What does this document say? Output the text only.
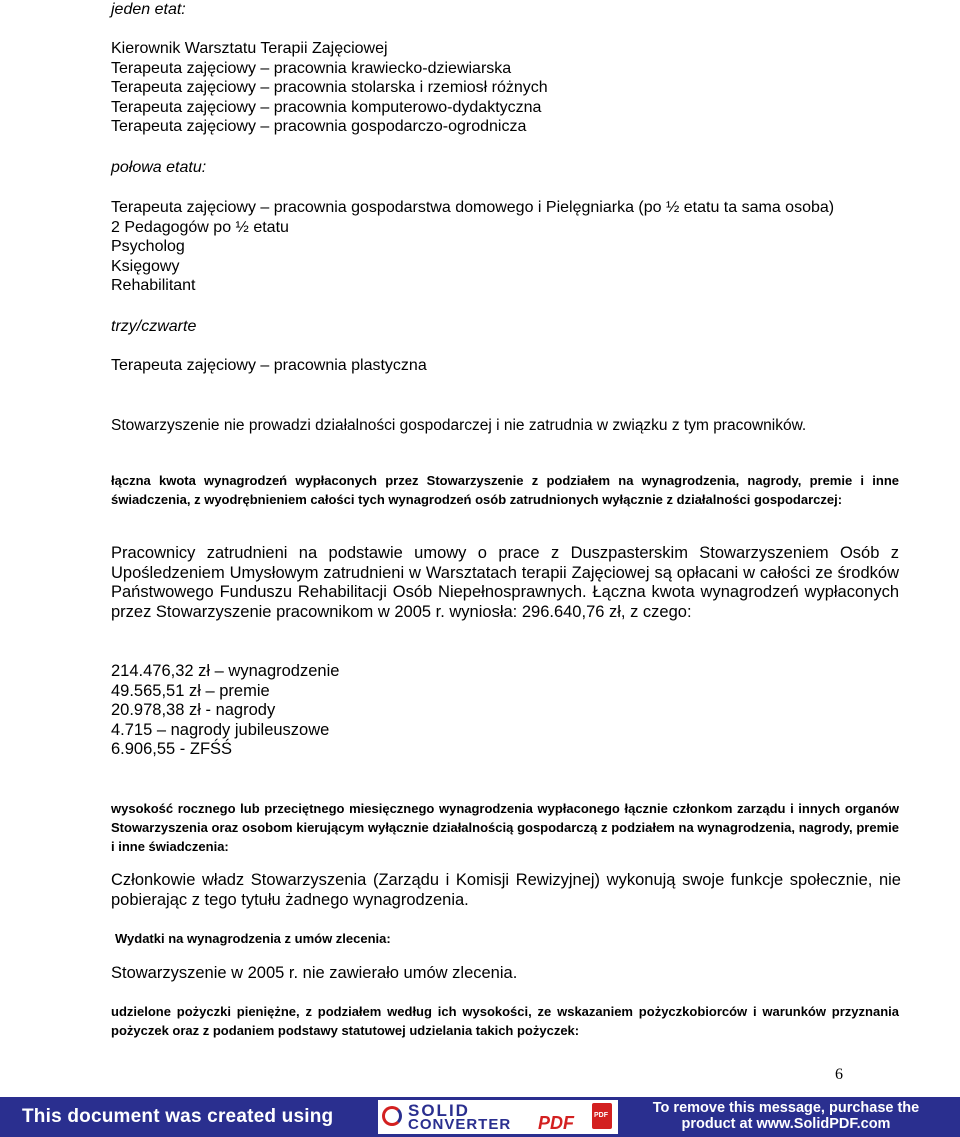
jeden etat:

Kierownik Warsztatu Terapii Zajęciowej
Terapeuta zajęciowy – pracownia krawiecko-dziewiarska
Terapeuta zajęciowy – pracownia stolarska i rzemiosł różnych
Terapeuta zajęciowy – pracownia komputerowo-dydaktyczna
Terapeuta zajęciowy – pracownia gospodarczo-ogrodnicza

połowa etatu:

Terapeuta zajęciowy – pracownia gospodarstwa domowego i Pielęgniarka (po ½ etatu ta sama osoba)
2 Pedagogów po ½ etatu
Psycholog
Księgowy
Rehabilitant

trzy/czwarte

Terapeuta zajęciowy – pracownia plastyczna

Stowarzyszenie nie prowadzi działalności gospodarczej i nie zatrudnia w związku z tym pracowników.

łączna kwota wynagrodzeń wypłaconych przez Stowarzyszenie z podziałem na wynagrodzenia, nagrody, premie i inne świadczenia, z wyodrębnieniem całości tych wynagrodzeń osób zatrudnionych wyłącznie z działalności gospodarczej:

Pracownicy zatrudnieni na podstawie umowy o prace z Duszpasterskim Stowarzyszeniem Osób z Upośledzeniem Umysłowym zatrudnieni w Warsztatach terapii Zajęciowej są opłacani w całości ze środków Państwowego Funduszu Rehabilitacji Osób Niepełnosprawnych. Łączna kwota wynagrodzeń wypłaconych przez Stowarzyszenie pracownikom w 2005 r. wyniosła: 296.640,76 zł, z czego:

214.476,32 zł – wynagrodzenie
49.565,51 zł – premie
20.978,38 zł - nagrody
4.715 – nagrody jubileuszowe
6.906,55 - ZFŚŚ

wysokość rocznego lub przeciętnego miesięcznego wynagrodzenia wypłaconego łącznie członkom zarządu i innych organów Stowarzyszenia oraz osobom kierującym wyłącznie działalnością gospodarczą z podziałem na wynagrodzenia, nagrody, premie i inne świadczenia:

Członkowie władz Stowarzyszenia (Zarządu i Komisji Rewizyjnej) wykonują swoje funkcje społecznie, nie pobierając z tego tytułu żadnego wynagrodzenia.

Wydatki na wynagrodzenia z umów zlecenia:

Stowarzyszenie w 2005 r. nie zawierało umów zlecenia.

udzielone pożyczki pieniężne, z podziałem według ich wysokości, ze wskazaniem pożyczkobiorców i warunków przyznania pożyczek oraz z podaniem podstawy statutowej udzielania takich pożyczek:

6
This document was created using	SOLID
CONVERTER PDF	PDF	To remove this message, purchase the
product at www.SolidPDF.com
